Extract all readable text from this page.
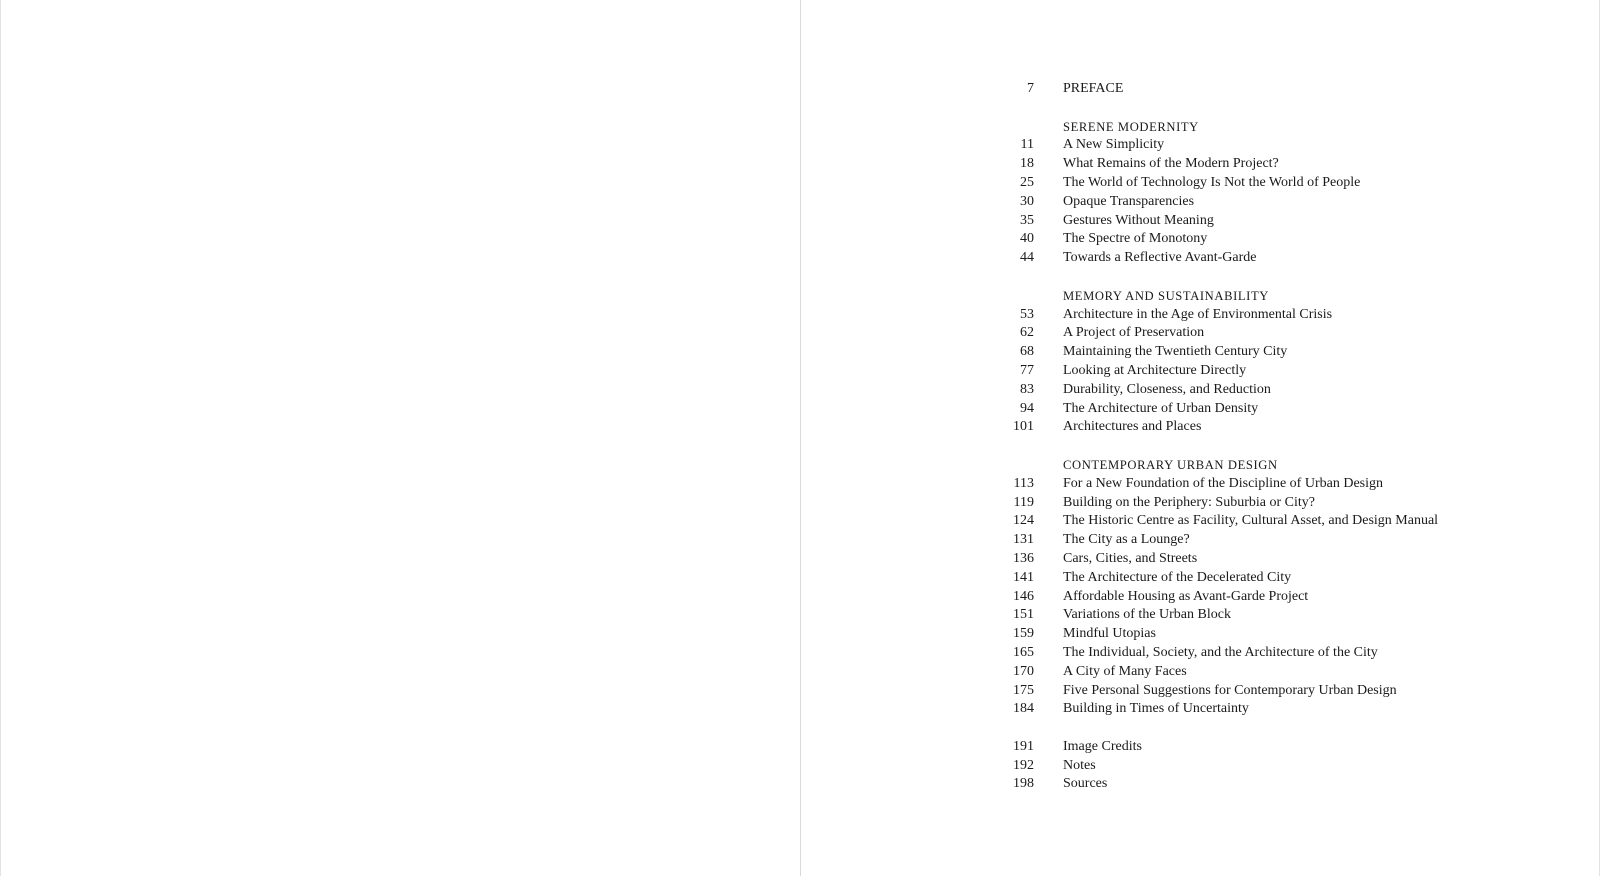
7 PREFACE
SERENE MODERNITY
11 A New Simplicity
18 What Remains of the Modern Project?
25 The World of Technology Is Not the World of People
30 Opaque Transparencies
35 Gestures Without Meaning
40 The Spectre of Monotony
44 Towards a Reflective Avant-Garde
MEMORY AND SUSTAINABILITY
53 Architecture in the Age of Environmental Crisis
62 A Project of Preservation
68 Maintaining the Twentieth Century City
77 Looking at Architecture Directly
83 Durability, Closeness, and Reduction
94 The Architecture of Urban Density
101 Architectures and Places
CONTEMPORARY URBAN DESIGN
113 For a New Foundation of the Discipline of Urban Design
119 Building on the Periphery: Suburbia or City?
124 The Historic Centre as Facility, Cultural Asset, and Design Manual
131 The City as a Lounge?
136 Cars, Cities, and Streets
141 The Architecture of the Decelerated City
146 Affordable Housing as Avant-Garde Project
151 Variations of the Urban Block
159 Mindful Utopias
165 The Individual, Society, and the Architecture of the City
170 A City of Many Faces
175 Five Personal Suggestions for Contemporary Urban Design
184 Building in Times of Uncertainty
191 Image Credits
192 Notes
198 Sources
